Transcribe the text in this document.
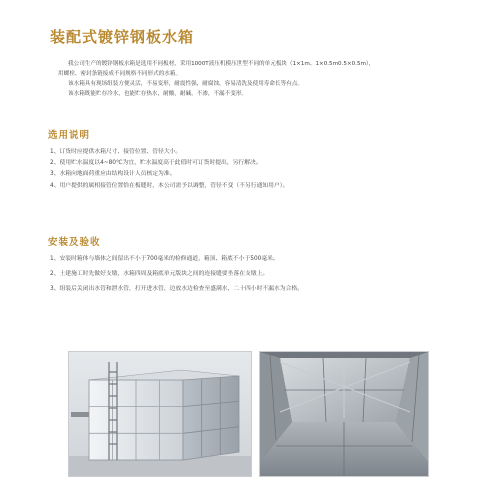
装配式镀锌钢板水箱

我公司生产的镀锌钢板水箱是选用不同板材，采用1000T液压机模压世型不同的单元板块（1×1m、1×0.5m0.5×0.5m），

用螺栓、密封条链接成不同规格不同形式的水箱。

该水箱具有现场组装方便灵活，不易变形，耐震性强，耐腐蚀，容易清洗及使用寿命长等有点。

该水箱既能贮存冷水，也能贮存热水，耐酸，耐碱，不渗，不漏不变形。

选用说明
1、订货时应提供水箱尺寸、接管位置、管径大小。
2、使用贮水温度以4~80℃为宜，贮水温度高于此值时可订货时提出，另行解决。
3、水箱向地面荷重应由结构设计人员核定为准。
4、用户提供的属相接管位置恰在板缝时，本公司需予以调整，管径不变（不另行通知用户）。
安装及验收
1、安装时箱体与墙体之间留出不小于700毫米的检修通道，箱顶、箱底不小于500毫米。
2、土建施工时先做好支墩，水箱四周及箱底单元版块之间的连接缝要坐落在支墩上。
3、组装后关闭出水管和泄水管，打开进水管，边放水边检查至盛满水，二十四小时不漏水为合格。
